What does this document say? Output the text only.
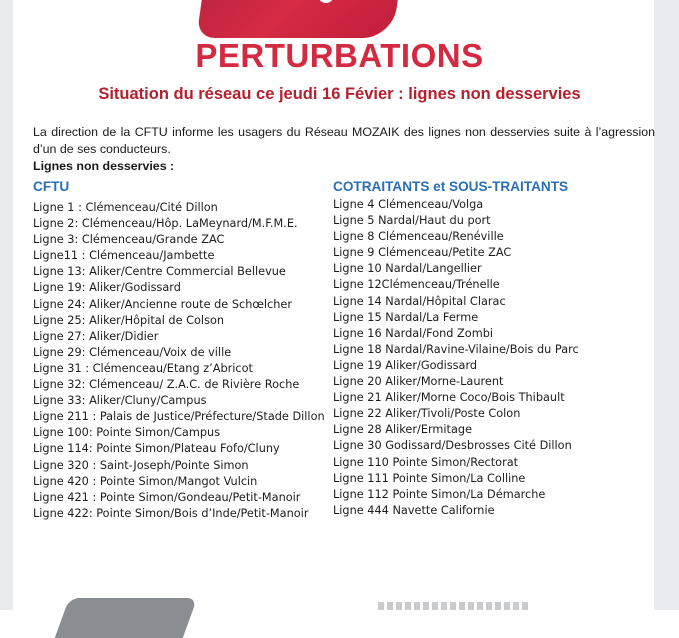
PERTURBATIONS
Situation du réseau ce jeudi 16 Févier : lignes non desservies
La direction de la CFTU informe les usagers du Réseau MOZAIK des lignes non desservies suite à l’agression d’un de ses conducteurs.
Lignes non desservies :
CFTU	COTRAITANTS et SOUS-TRAITANTS
Ligne 1 : Clémenceau/Cité Dillon
Ligne 2: Clémenceau/Hôp. LaMeynard/M.F.M.E.
Ligne 3: Clémenceau/Grande ZAC
Ligne11 : Clémenceau/Jambette
Ligne 13: Aliker/Centre Commercial Bellevue
Ligne 19: Aliker/Godissard
Ligne 24: Aliker/Ancienne route de Schœlcher
Ligne 25: Aliker/Hôpital de Colson
Ligne 27: Aliker/Didier
Ligne 29: Clémenceau/Voix de ville
Ligne 31 : Clémenceau/Etang z’Abricot
Ligne 32: Clémenceau/ Z.A.C. de Rivière Roche
Ligne 33: Aliker/Cluny/Campus
Ligne 211 : Palais de Justice/Préfecture/Stade Dillon
Ligne 100: Pointe Simon/Campus
Ligne 114: Pointe Simon/Plateau Fofo/Cluny
Ligne 320 : Saint-Joseph/Pointe Simon
Ligne 420 : Pointe Simon/Mangot Vulcin
Ligne 421 : Pointe Simon/Gondeau/Petit-Manoir
Ligne 422: Pointe Simon/Bois d’Inde/Petit-Manoir
Ligne 4 Clémenceau/Volga
Ligne 5 Nardal/Haut du port
Ligne 8 Clémenceau/Renéville
Ligne 9 Clémenceau/Petite ZAC
Ligne 10 Nardal/Langellier
Ligne 12Clémenceau/Trénelle
Ligne 14 Nardal/Hôpital Clarac
Ligne 15 Nardal/La Ferme
Ligne 16 Nardal/Fond Zombi
Ligne 18 Nardal/Ravine-Vilaine/Bois du Parc
Ligne 19 Aliker/Godissard
Ligne 20 Aliker/Morne-Laurent
Ligne 21 Aliker/Morne Coco/Bois Thibault
Ligne 22 Aliker/Tivoli/Poste Colon
Ligne 28 Aliker/Ermitage
Ligne 30 Godissard/Desbrosses Cité Dillon
Ligne 110 Pointe Simon/Rectorat
Ligne 111 Pointe Simon/La Colline
Ligne 112 Pointe Simon/La Démarche
Ligne 444 Navette Californie
